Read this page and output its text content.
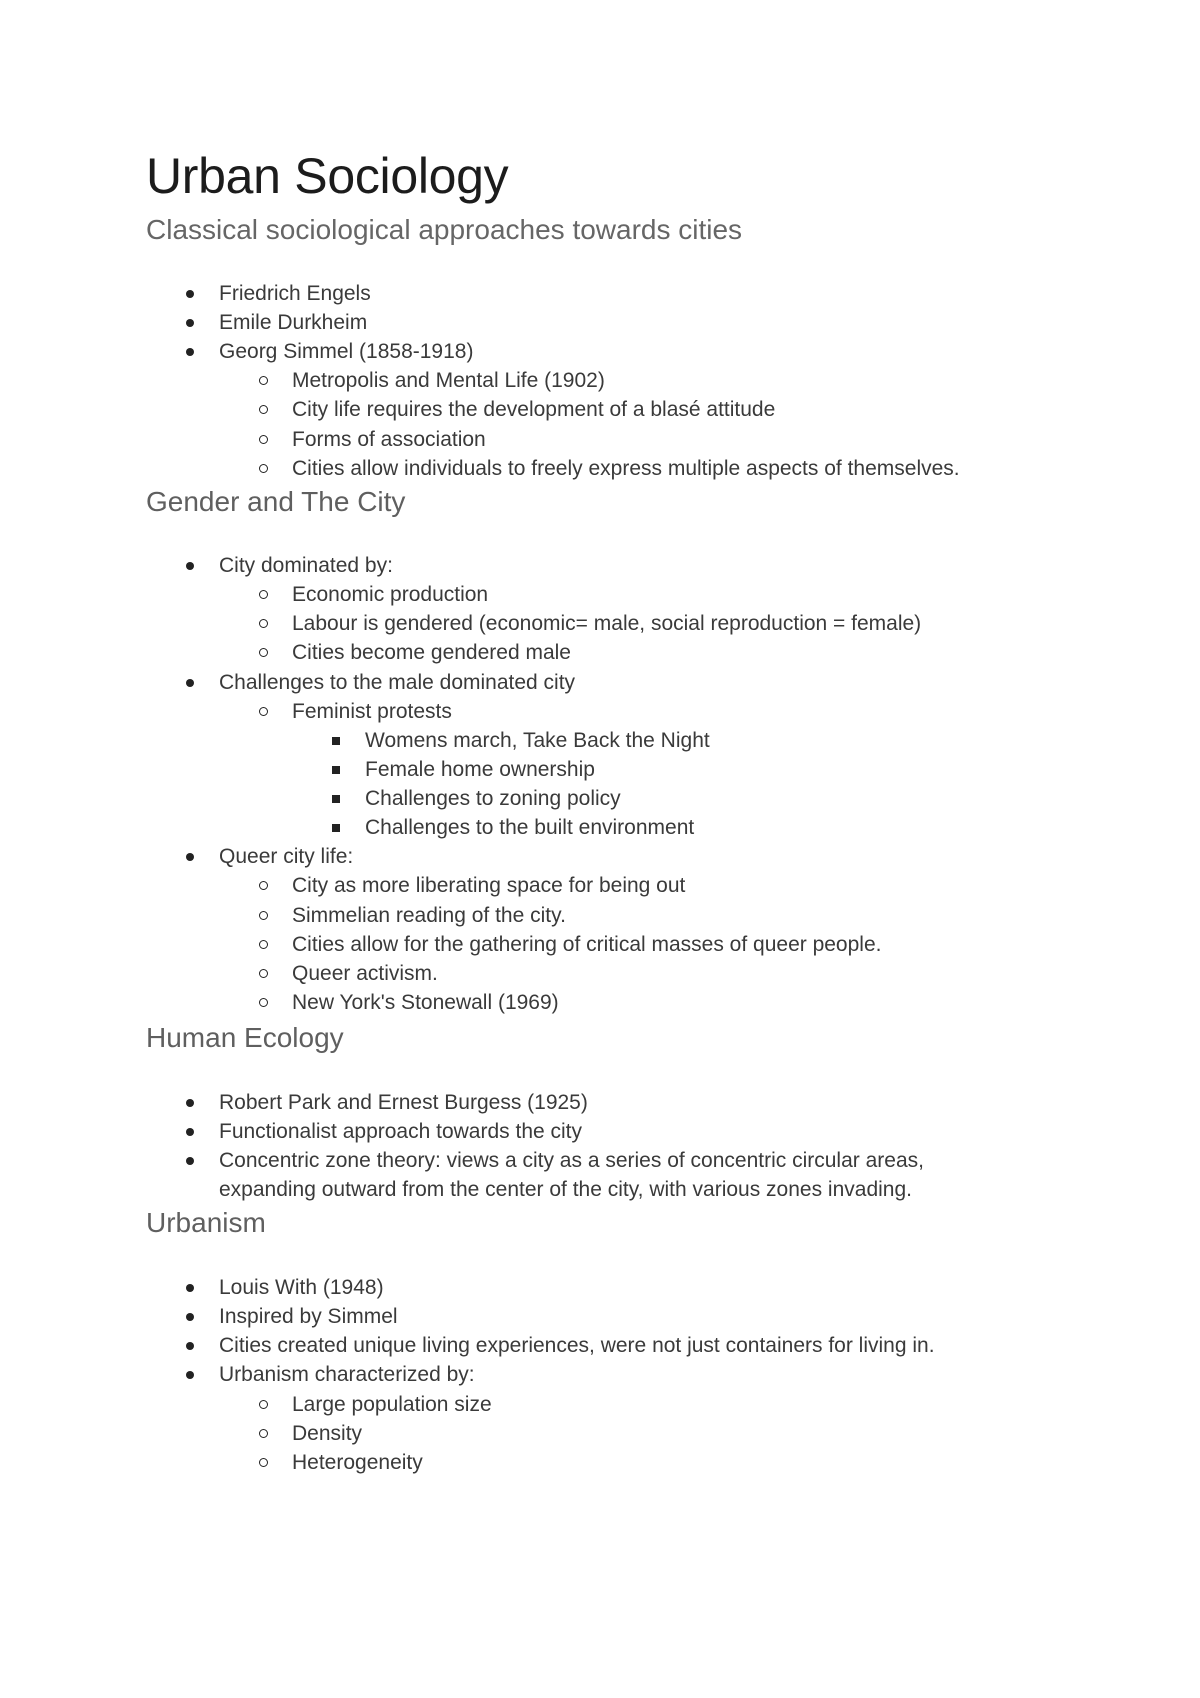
Urban Sociology
Classical sociological approaches towards cities
Friedrich Engels
Emile Durkheim
Georg Simmel (1858-1918)
Metropolis and Mental Life (1902)
City life requires the development of a blasé attitude
Forms of association
Cities allow individuals to freely express multiple aspects of themselves.
Gender and The City
City dominated by:
Economic production
Labour is gendered (economic= male, social reproduction = female)
Cities become gendered male
Challenges to the male dominated city
Feminist protests
Womens march, Take Back the Night
Female home ownership
Challenges to zoning policy
Challenges to the built environment
Queer city life:
City as more liberating space for being out
Simmelian reading of the city.
Cities allow for the gathering of critical masses of queer people.
Queer activism.
New York's Stonewall (1969)
Human Ecology
Robert Park and Ernest Burgess (1925)
Functionalist approach towards the city
Concentric zone theory: views a city as a series of concentric circular areas, expanding outward from the center of the city, with various zones invading.
Urbanism
Louis With (1948)
Inspired by Simmel
Cities created unique living experiences, were not just containers for living in.
Urbanism characterized by:
Large population size
Density
Heterogeneity
